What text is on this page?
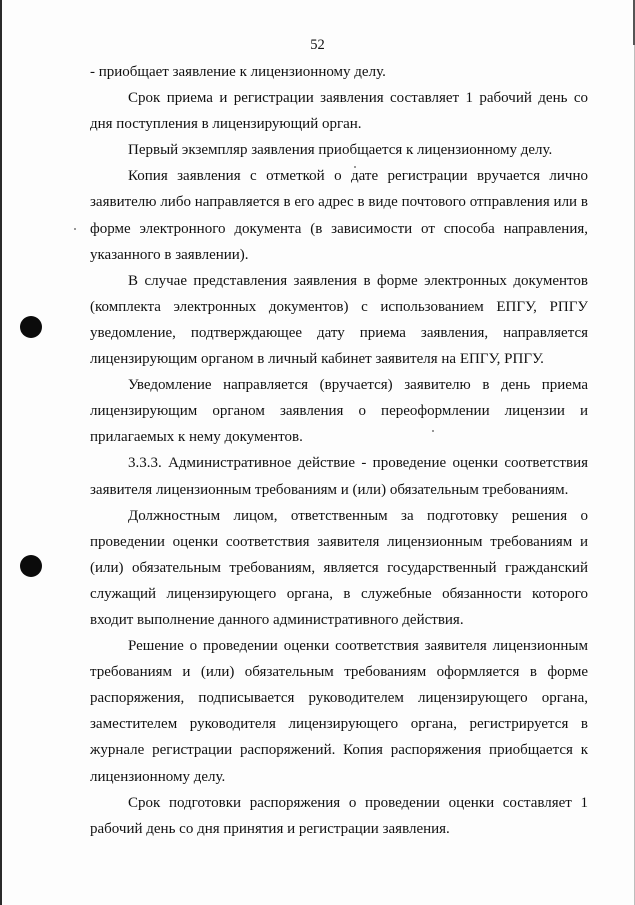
52

- приобщает заявление к лицензионному делу.

Срок приема и регистрации заявления составляет 1 рабочий день со дня поступления в лицензирующий орган.

Первый экземпляр заявления приобщается к лицензионному делу.

Копия заявления с отметкой о дате регистрации вручается лично заявителю либо направляется в его адрес в виде почтового отправления или в форме электронного документа (в зависимости от способа направления, указанного в заявлении).

В случае представления заявления в форме электронных документов (комплекта электронных документов) с использованием ЕПГУ, РПГУ уведомление, подтверждающее дату приема заявления, направляется лицензирующим органом в личный кабинет заявителя на ЕПГУ, РПГУ.

Уведомление направляется (вручается) заявителю в день приема лицензирующим органом заявления о переоформлении лицензии и прилагаемых к нему документов.

3.3.3. Административное действие - проведение оценки соответствия заявителя лицензионным требованиям и (или) обязательным требованиям.

Должностным лицом, ответственным за подготовку решения о проведении оценки соответствия заявителя лицензионным требованиям и (или) обязательным требованиям, является государственный гражданский служащий лицензирующего органа, в служебные обязанности которого входит выполнение данного административного действия.

Решение о проведении оценки соответствия заявителя лицензионным требованиям и (или) обязательным требованиям оформляется в форме распоряжения, подписывается руководителем лицензирующего органа, заместителем руководителя лицензирующего органа, регистрируется в журнале регистрации распоряжений. Копия распоряжения приобщается к лицензионному делу.

Срок подготовки распоряжения о проведении оценки составляет 1 рабочий день со дня принятия и регистрации заявления.
